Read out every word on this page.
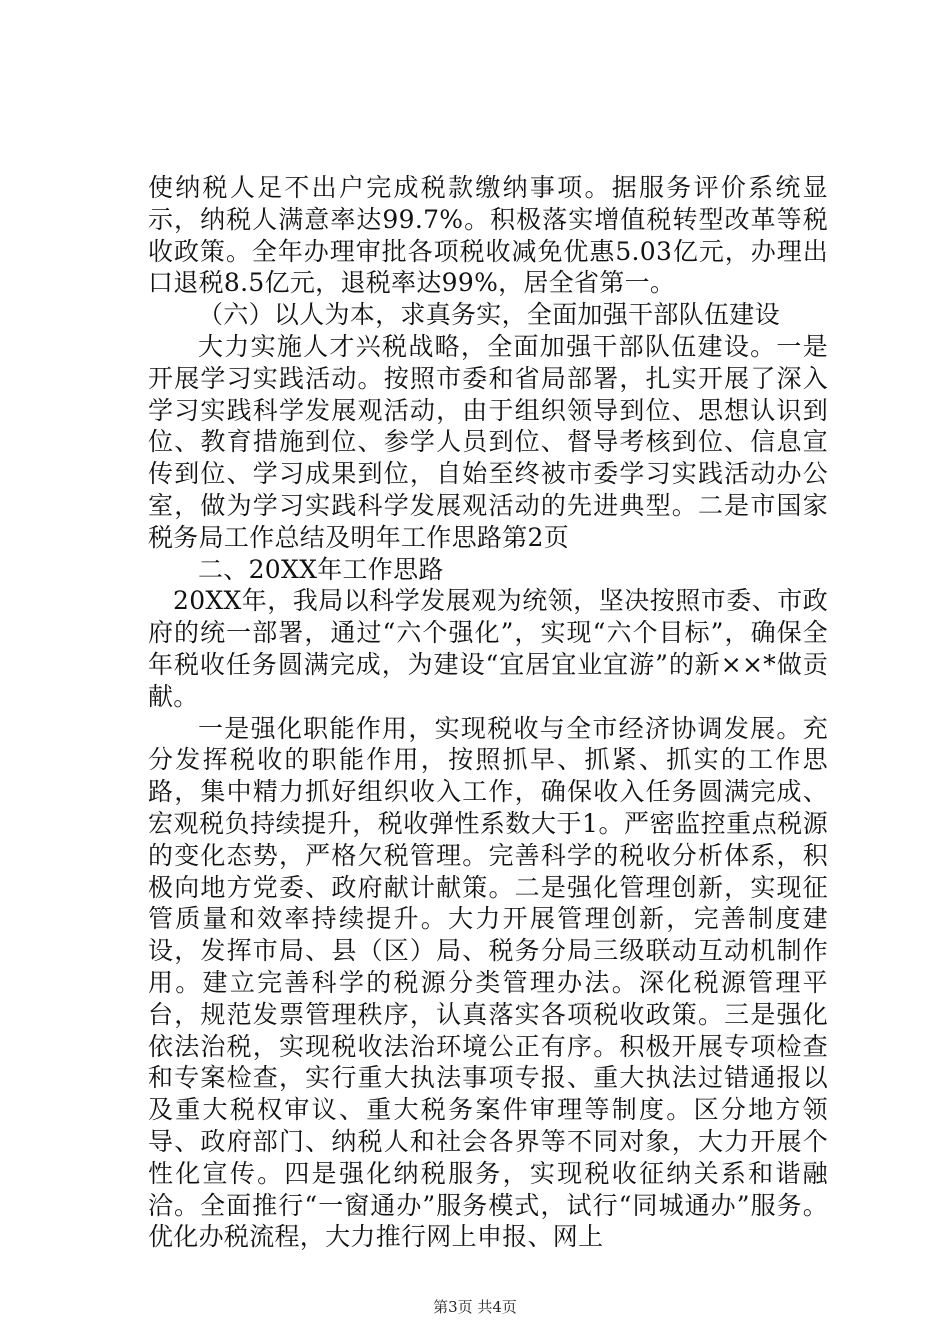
使纳税人足不出户完成税款缴纳事项。据服务评价系统显示，纳税人满意率达99.7%。积极落实增值税转型改革等税收政策。全年办理审批各项税收减免优惠5.03亿元，办理出口退税8.5亿元，退税率达99%，居全省第一。

（六）以人为本，求真务实，全面加强干部队伍建设

大力实施人才兴税战略，全面加强干部队伍建设。一是开展学习实践活动。按照市委和省局部署，扎实开展了深入学习实践科学发展观活动，由于组织领导到位、思想认识到位、教育措施到位、参学人员到位、督导考核到位、信息宣传到位、学习成果到位，自始至终被市委学习实践活动办公室，做为学习实践科学发展观活动的先进典型。二是市国家税务局工作总结及明年工作思路第2页

二、20XX年工作思路

20XX年，我局以科学发展观为统领，坚决按照市委、市政府的统一部署，通过“六个强化”，实现“六个目标”，确保全年税收任务圆满完成，为建设“宜居宜业宜游”的新××*做贡献。

一是强化职能作用，实现税收与全市经济协调发展。充分发挥税收的职能作用，按照抓早、抓紧、抓实的工作思路，集中精力抓好组织收入工作，确保收入任务圆满完成、宏观税负持续提升，税收弹性系数大于1。严密监控重点税源的变化态势，严格欠税管理。完善科学的税收分析体系，积极向地方党委、政府献计献策。二是强化管理创新，实现征管质量和效率持续提升。大力开展管理创新，完善制度建设，发挥市局、县（区）局、税务分局三级联动互动机制作用。建立完善科学的税源分类管理办法。深化税源管理平台，规范发票管理秩序，认真落实各项税收政策。三是强化依法治税，实现税收法治环境公正有序。积极开展专项检查和专案检查，实行重大执法事项专报、重大执法过错通报以及重大税权审议、重大税务案件审理等制度。区分地方领导、政府部门、纳税人和社会各界等不同对象，大力开展个性化宣传。四是强化纳税服务，实现税收征纳关系和谐融洽。全面推行“一窗通办”服务模式，试行“同城通办”服务。优化办税流程，大力推行网上申报、网上

第3页 共4页
